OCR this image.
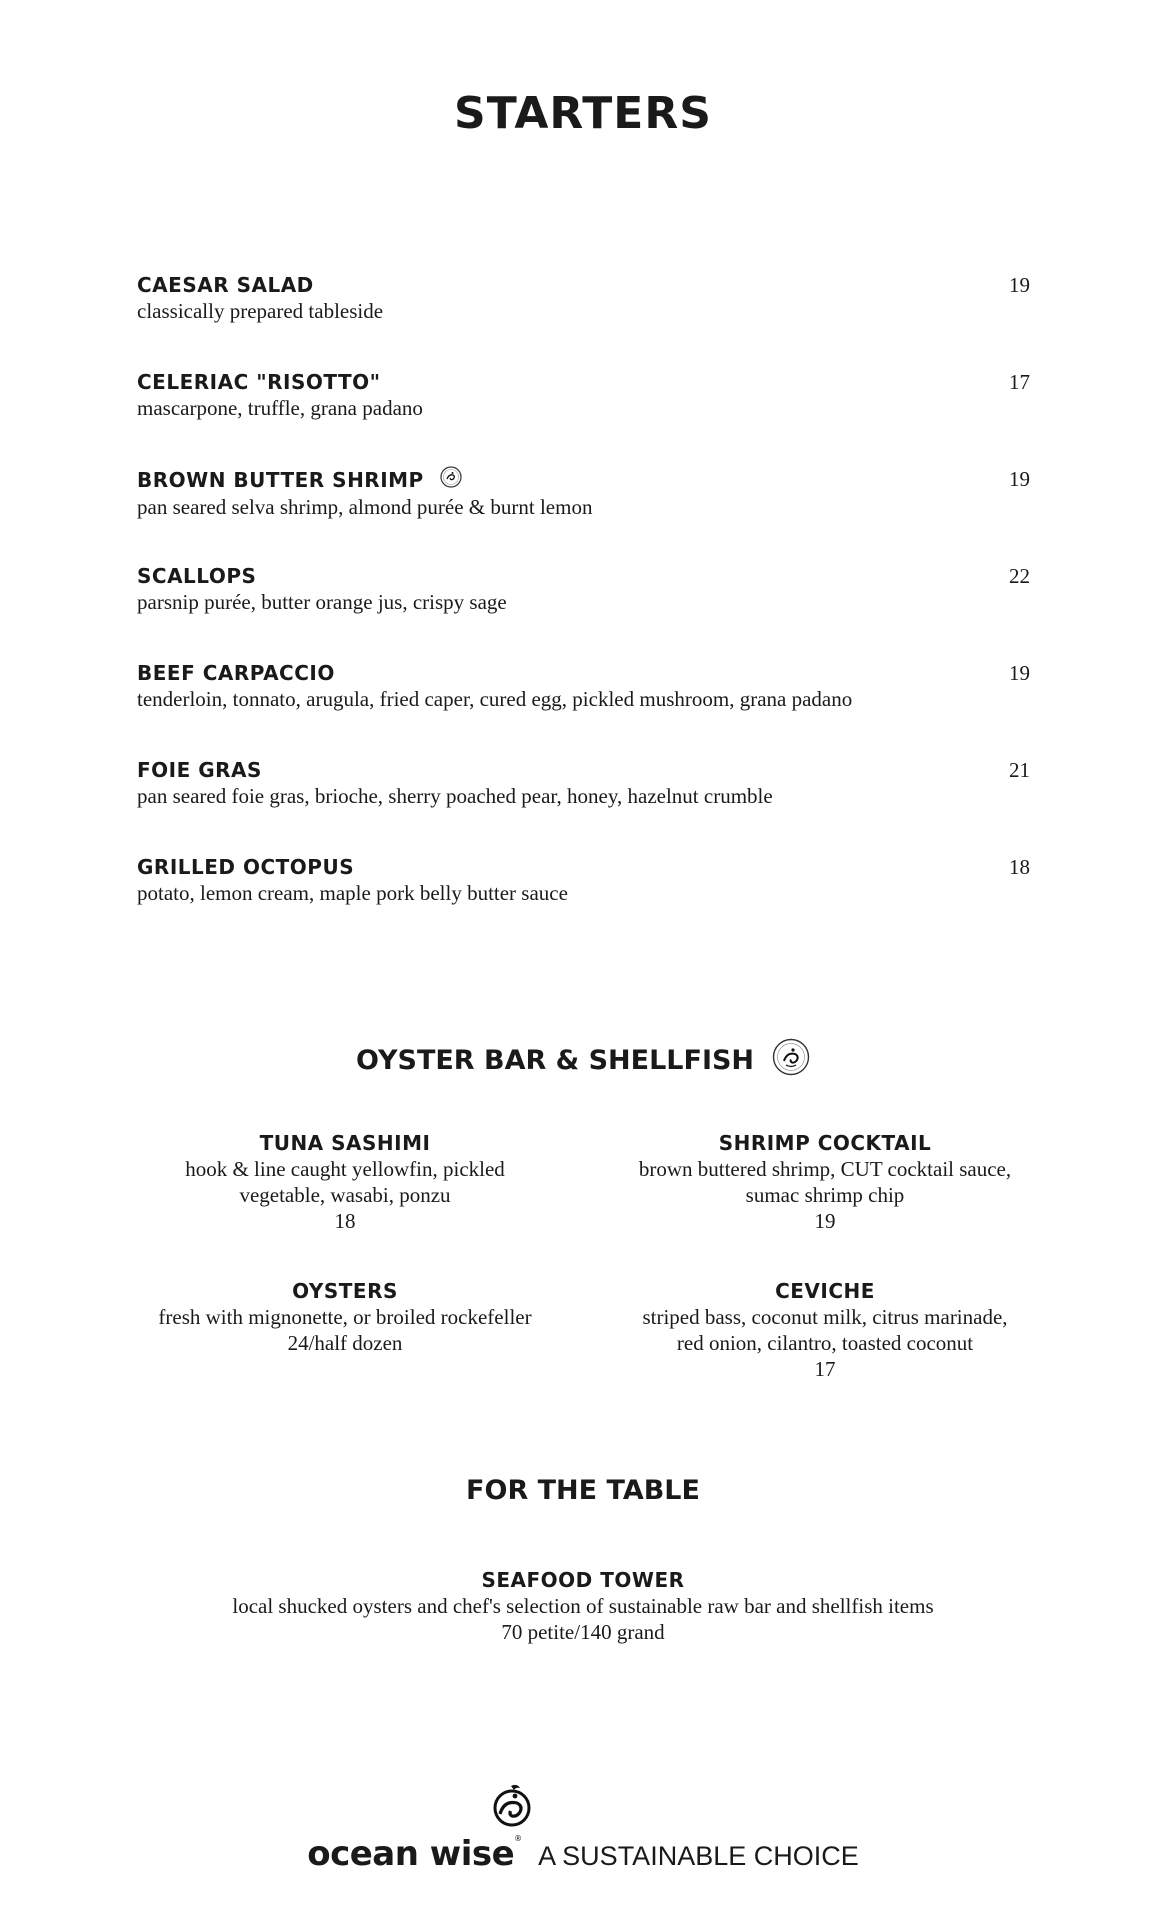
STARTERS
CAESAR SALAD
classically prepared tableside
19
CELERIAC "RISOTTO"
mascarpone, truffle, grana padano
17
BROWN BUTTER SHRIMP
pan seared selva shrimp, almond purée & burnt lemon
19
SCALLOPS
parsnip purée, butter orange jus, crispy sage
22
BEEF CARPACCIO
tenderloin, tonnato, arugula, fried caper, cured egg, pickled mushroom, grana padano
19
FOIE GRAS
pan seared foie gras, brioche, sherry poached pear, honey, hazelnut crumble
21
GRILLED OCTOPUS
potato, lemon cream, maple pork belly butter sauce
18
OYSTER BAR & SHELLFISH
TUNA SASHIMI
hook & line caught yellowfin, pickled
vegetable, wasabi, ponzu
18
SHRIMP COCKTAIL
brown buttered shrimp, CUT cocktail sauce,
sumac shrimp chip
19
OYSTERS
fresh with mignonette, or broiled rockefeller
24/half dozen
CEVICHE
striped bass, coconut milk, citrus marinade,
red onion, cilantro, toasted coconut
17
FOR THE TABLE
SEAFOOD TOWER
local shucked oysters and chef's selection of sustainable raw bar and shellfish items
70 petite/140 grand
ocean wise® A SUSTAINABLE CHOICE
